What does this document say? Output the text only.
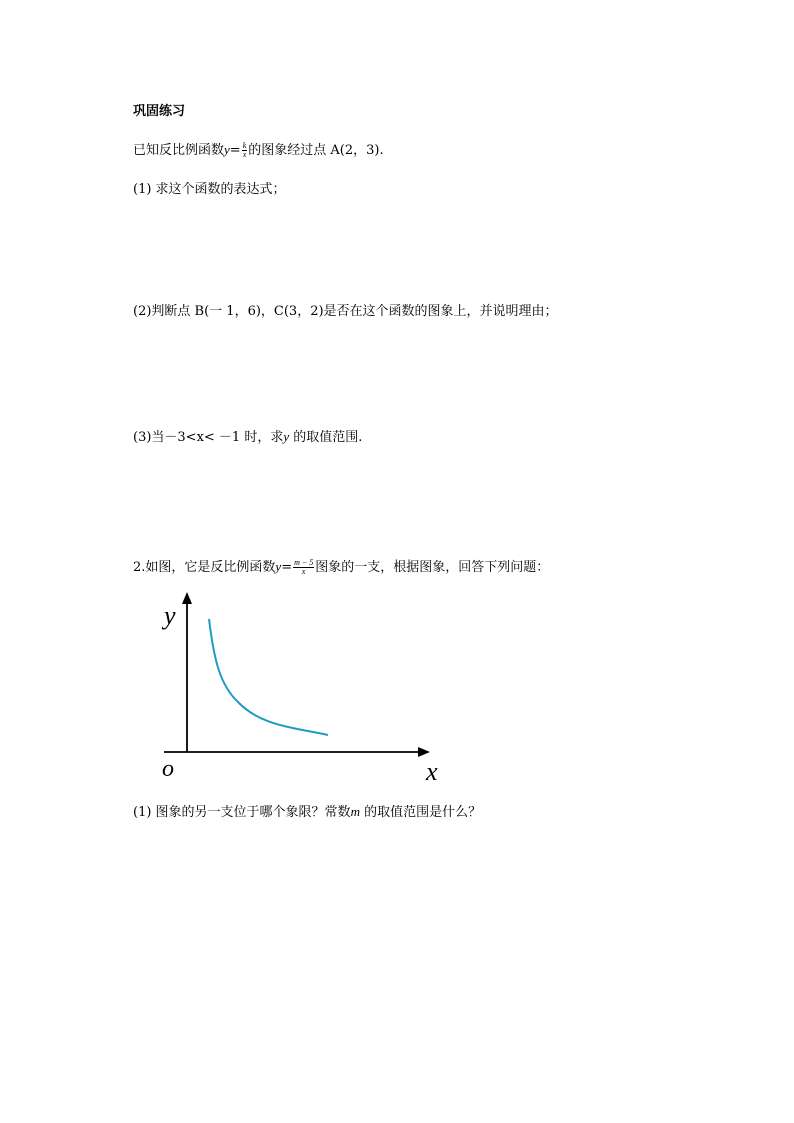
巩固练习
已知反比例函数$y= \frac{k}{x}$ 的图象经过点 A(2，3).
(1) 求这个函数的表达式；
(2)判断点 B(一 1，6)，C(3，2)是否在这个函数的图象上，并说明理由；
(3)当－3<x< －1 时，求y 的取值范围.
2.如图，它是反比例函数$y= \frac{m - 5}{x}$ 图象的一支，根据图象，回答下列问题：
y
x
o
(1) 图象的另一支位于哪个象限？常数m 的取值范围是什么？
